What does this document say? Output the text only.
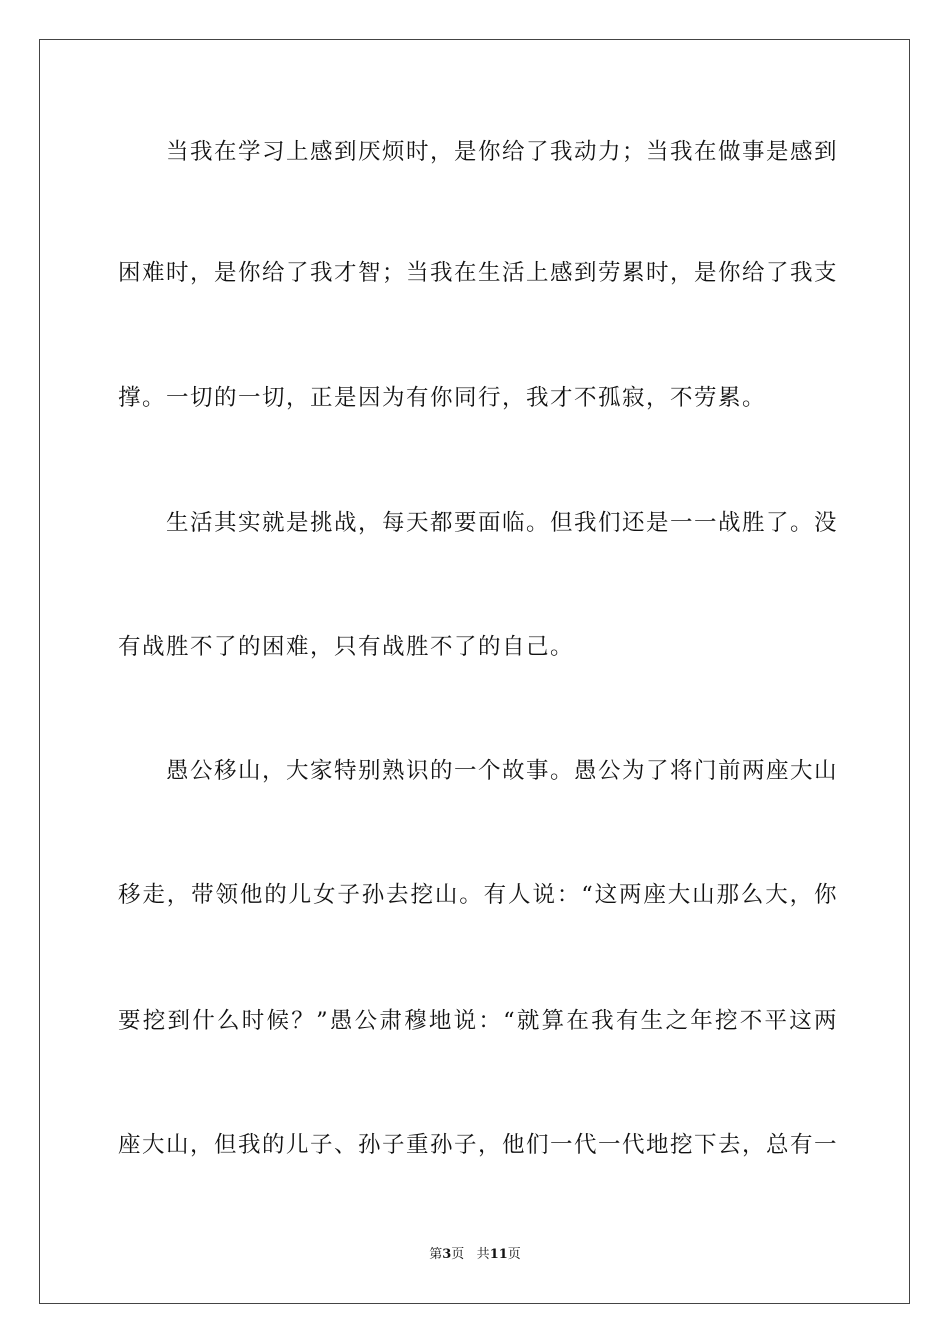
当我在学习上感到厌烦时，是你给了我动力；当我在做事是感到
困难时，是你给了我才智；当我在生活上感到劳累时，是你给了我支
撑。一切的一切，正是因为有你同行，我才不孤寂，不劳累。
生活其实就是挑战，每天都要面临。但我们还是一一战胜了。没
有战胜不了的困难，只有战胜不了的自己。
愚公移山，大家特别熟识的一个故事。愚公为了将门前两座大山
移走，带领他的儿女子孙去挖山。有人说：“这两座大山那么大，你
要挖到什么时候？”愚公肃穆地说：“就算在我有生之年挖不平这两
座大山，但我的儿子、孙子重孙子，他们一代一代地挖下去，总有一
第3页 共11页
